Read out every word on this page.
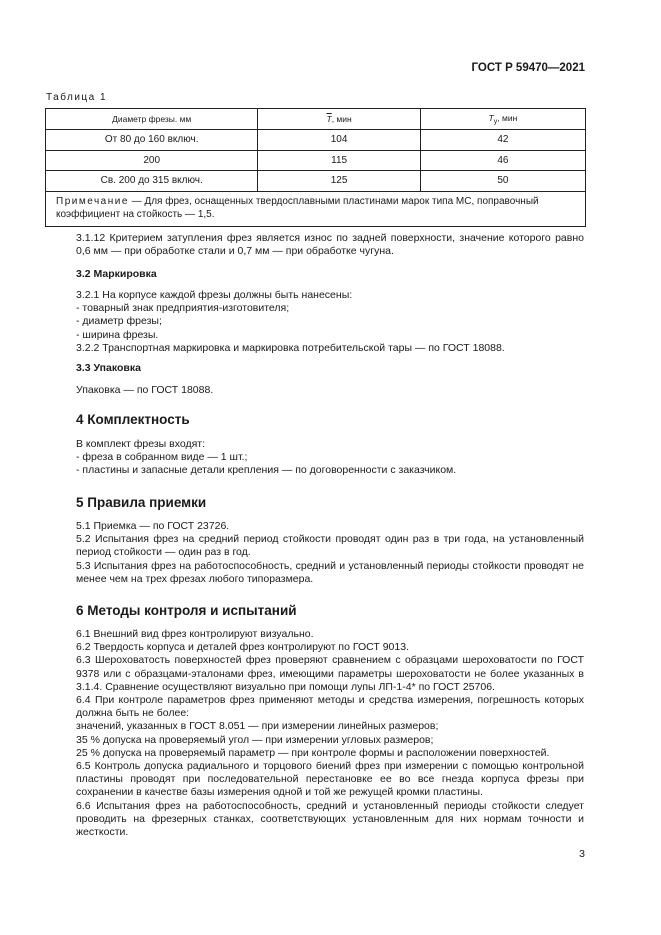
ГОСТ Р 59470—2021
Таблица 1
Диаметр фрезы. мм	$\overline{T}$, мин	$T_у$, мин
От 80 до 160 включ.	104	42
200	115	46
Св. 200 до 315 включ.	125	50
Примечание — Для фрез, оснащенных твердосплавными пластинами марок типа МС, поправочный коэффициент на стойкость — 1,5.		

3.1.12 Критерием затупления фрез является износ по задней поверхности, значение которого равно 0,6 мм — при обработке стали и 0,7 мм — при обработке чугуна.

3.2 Маркировка

3.2.1 На корпусе каждой фрезы должны быть нанесены:

- товарный знак предприятия-изготовителя;

- диаметр фрезы;

- ширина фрезы.

3.2.2 Транспортная маркировка и маркировка потребительской тары — по ГОСТ 18088.

3.3 Упаковка
Упаковка — по ГОСТ 18088.
4 Комплектность

В комплект фрезы входят:

- фреза в собранном виде — 1 шт.;

- пластины и запасные детали крепления — по договоренности с заказчиком.

5 Правила приемки

5.1 Приемка — по ГОСТ 23726.

5.2 Испытания фрез на средний период стойкости проводят один раз в три года, на установленный период стойкости — один раз в год.

5.3 Испытания фрез на работоспособность, средний и установленный периоды стойкости проводят не менее чем на трех фрезах любого типоразмера.

6 Методы контроля и испытаний

6.1 Внешний вид фрез контролируют визуально.

6.2 Твердость корпуса и деталей фрез контролируют по ГОСТ 9013.

6.3 Шероховатость поверхностей фрез проверяют сравнением с образцами шероховатости по ГОСТ 9378 или с образцами-эталонами фрез, имеющими параметры шероховатости не более указанных в 3.1.4. Сравнение осуществляют визуально при помощи лупы ЛП-1-4* по ГОСТ 25706.

6.4 При контроле параметров фрез применяют методы и средства измерения, погрешность которых должна быть не более:

значений, указанных в ГОСТ 8.051 — при измерении линейных размеров;

35 % допуска на проверяемый угол — при измерении угловых размеров;

25 % допуска на проверяемый параметр — при контроле формы и расположении поверхностей.

6.5 Контроль допуска радиального и торцового биений фрез при измерении с помощью контрольной пластины проводят при последовательной перестановке ее во все гнезда корпуса фрезы при сохранении в качестве базы измерения одной и той же режущей кромки пластины.

6.6 Испытания фрез на работоспособность, средний и установленный периоды стойкости следует проводить на фрезерных станках, соответствующих установленным для них нормам точности и жесткости.

3
